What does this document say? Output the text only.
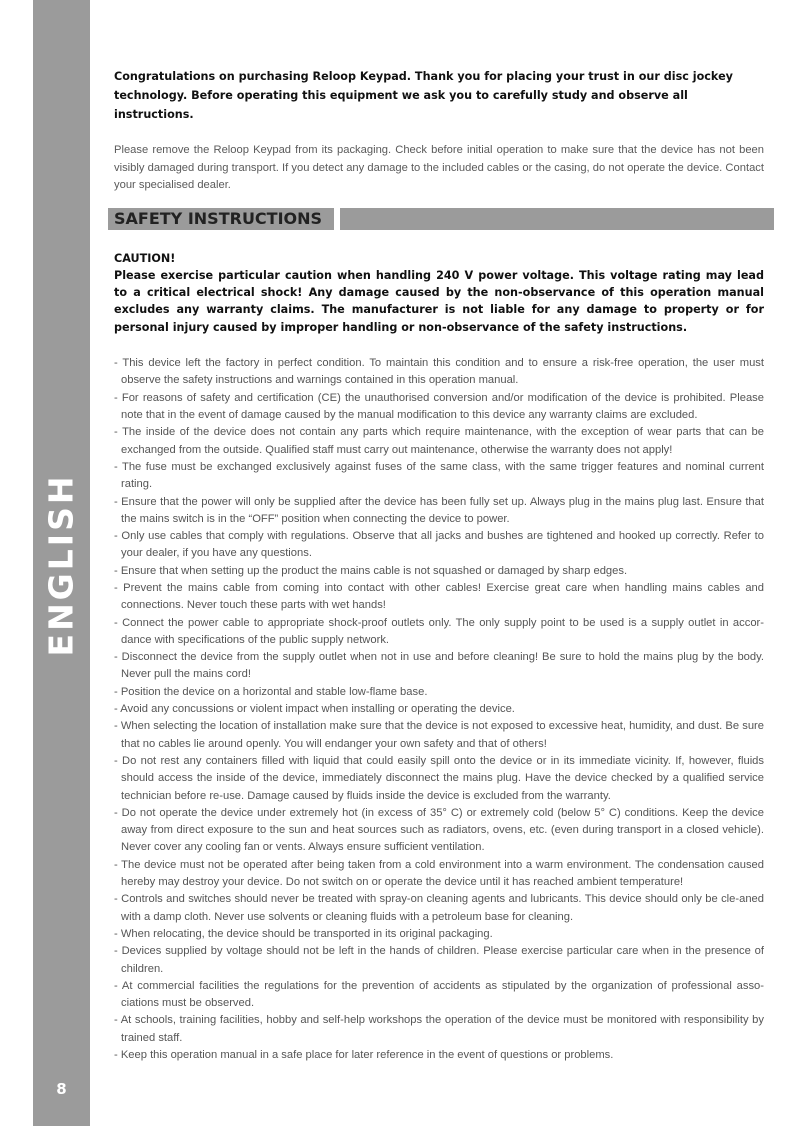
ENGLISH
8

Congratulations on purchasing Reloop Keypad. Thank you for placing your trust in our disc jockey technology. Before operating this equipment we ask you to carefully study and observe all instructions.

Please remove the Reloop Keypad from its packaging. Check before initial operation to make sure that the device has not been visibly damaged during transport. If you detect any damage to the included cables or the casing, do not operate the device. Contact your specialised dealer.

SAFETY INSTRUCTIONS

CAUTION!

Please exercise particular caution when handling 240 V power voltage. This voltage rating may lead to a critical electrical shock! Any damage caused by the non-observance of this operation manual excludes any warranty claims. The manufacturer is not liable for any damage to property or for personal injury caused by improper handling or non-observance of the safety instructions.

- This device left the factory in perfect condition. To maintain this condition and to ensure a risk-free operation, the user must observe the safety instructions and warnings contained in this operation manual.
- For reasons of safety and certification (CE) the unauthorised conversion and/or modification of the device is prohibited. Please note that in the event of damage caused by the manual modification to this device any warranty claims are excluded.
- The inside of the device does not contain any parts which require maintenance, with the exception of wear parts that can be exchanged from the outside. Qualified staff must carry out maintenance, otherwise the warranty does not apply!
- The fuse must be exchanged exclusively against fuses of the same class, with the same trigger features and nominal current rating.
- Ensure that the power will only be supplied after the device has been fully set up. Always plug in the mains plug last. Ensure that the mains switch is in the “OFF” position when connecting the device to power.
- Only use cables that comply with regulations. Observe that all jacks and bushes are tightened and hooked up correctly. Refer to your dealer, if you have any questions.
- Ensure that when setting up the product the mains cable is not squashed or damaged by sharp edges.
- Prevent the mains cable from coming into contact with other cables! Exercise great care when handling mains cables and connections. Never touch these parts with wet hands!
- Connect the power cable to appropriate shock-proof outlets only. The only supply point to be used is a supply outlet in accor-dance with specifications of the public supply network.
- Disconnect the device from the supply outlet when not in use and before cleaning! Be sure to hold the mains plug by the body. Never pull the mains cord!
- Position the device on a horizontal and stable low-flame base.
- Avoid any concussions or violent impact when installing or operating the device.
- When selecting the location of installation make sure that the device is not exposed to excessive heat, humidity, and dust. Be sure that no cables lie around openly. You will endanger your own safety and that of others!
- Do not rest any containers filled with liquid that could easily spill onto the device or in its immediate vicinity. If, however, fluids should access the inside of the device, immediately disconnect the mains plug. Have the device checked by a qualified service technician before re-use. Damage caused by fluids inside the device is excluded from the warranty.
- Do not operate the device under extremely hot (in excess of 35° C) or extremely cold (below 5° C) conditions. Keep the device away from direct exposure to the sun and heat sources such as radiators, ovens, etc. (even during transport in a closed vehicle). Never cover any cooling fan or vents. Always ensure sufficient ventilation.
- The device must not be operated after being taken from a cold environment into a warm environment. The condensation caused hereby may destroy your device. Do not switch on or operate the device until it has reached ambient temperature!
- Controls and switches should never be treated with spray-on cleaning agents and lubricants. This device should only be cle-aned with a damp cloth. Never use solvents or cleaning fluids with a petroleum base for cleaning.
- When relocating, the device should be transported in its original packaging.
- Devices supplied by voltage should not be left in the hands of children. Please exercise particular care when in the presence of children.
- At commercial facilities the regulations for the prevention of accidents as stipulated by the organization of professional asso-ciations must be observed.
- At schools, training facilities, hobby and self-help workshops the operation of the device must be monitored with responsibility by trained staff.
- Keep this operation manual in a safe place for later reference in the event of questions or problems.
